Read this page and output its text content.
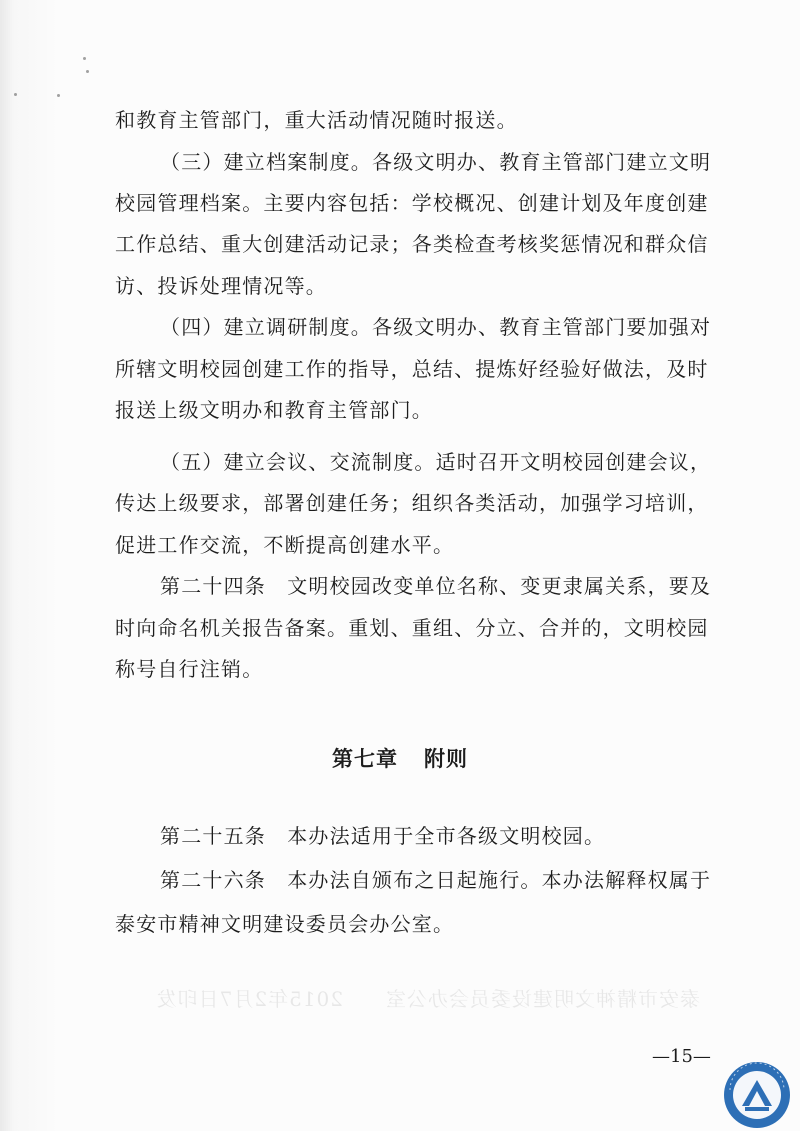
和教育主管部门，重大活动情况随时报送。
（三）建立档案制度。各级文明办、教育主管部门建立文明
校园管理档案。主要内容包括：学校概况、创建计划及年度创建
工作总结、重大创建活动记录；各类检查考核奖惩情况和群众信
访、投诉处理情况等。
（四）建立调研制度。各级文明办、教育主管部门要加强对
所辖文明校园创建工作的指导，总结、提炼好经验好做法，及时
报送上级文明办和教育主管部门。
（五）建立会议、交流制度。适时召开文明校园创建会议，
传达上级要求，部署创建任务；组织各类活动，加强学习培训，
促进工作交流，不断提高创建水平。
第二十四条　文明校园改变单位名称、变更隶属关系，要及
时向命名机关报告备案。重划、重组、分立、合并的，文明校园
称号自行注销。
第七章 附则
第二十五条　本办法适用于全市各级文明校园。
第二十六条　本办法自颁布之日起施行。本办法解释权属于
泰安市精神文明建设委员会办公室。
泰安市精神文明建设委员会办公室　　2015年2月7日印发
—15—
